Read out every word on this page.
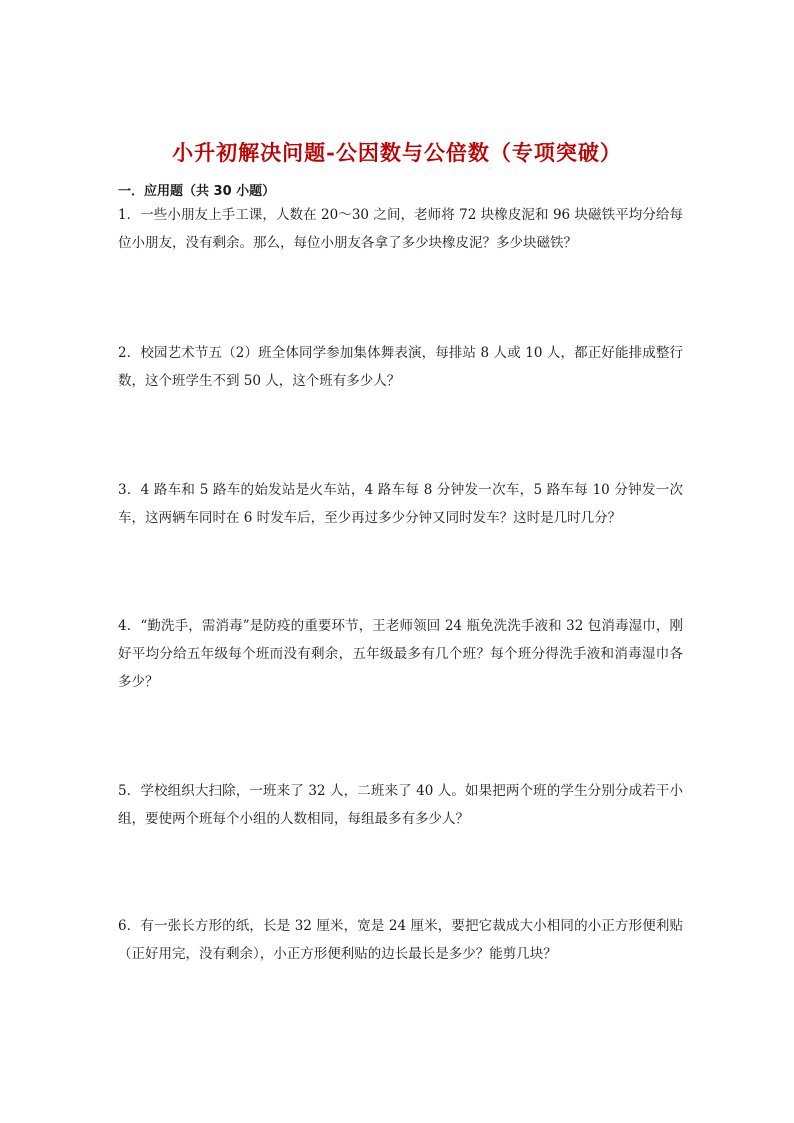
小升初解决问题-公因数与公倍数（专项突破）
一．应用题（共 30 小题）
1．一些小朋友上手工课，人数在 20～30 之间，老师将 72 块橡皮泥和 96 块磁铁平均分给每位小朋友，没有剩余。那么，每位小朋友各拿了多少块橡皮泥？多少块磁铁？
2．校园艺术节五（2）班全体同学参加集体舞表演，每排站 8 人或 10 人，都正好能排成整行数，这个班学生不到 50 人，这个班有多少人？
3．4 路车和 5 路车的始发站是火车站，4 路车每 8 分钟发一次车，5 路车每 10 分钟发一次车，这两辆车同时在 6 时发车后，至少再过多少分钟又同时发车？这时是几时几分？
4．“勤洗手，需消毒”是防疫的重要环节，王老师领回 24 瓶免洗洗手液和 32 包消毒湿巾，刚好平均分给五年级每个班而没有剩余，五年级最多有几个班？每个班分得洗手液和消毒湿巾各多少？
5．学校组织大扫除，一班来了 32 人，二班来了 40 人。如果把两个班的学生分别分成若干小组，要使两个班每个小组的人数相同，每组最多有多少人？
6．有一张长方形的纸，长是 32 厘米，宽是 24 厘米，要把它裁成大小相同的小正方形便利贴（正好用完，没有剩余），小正方形便利贴的边长最长是多少？能剪几块？
